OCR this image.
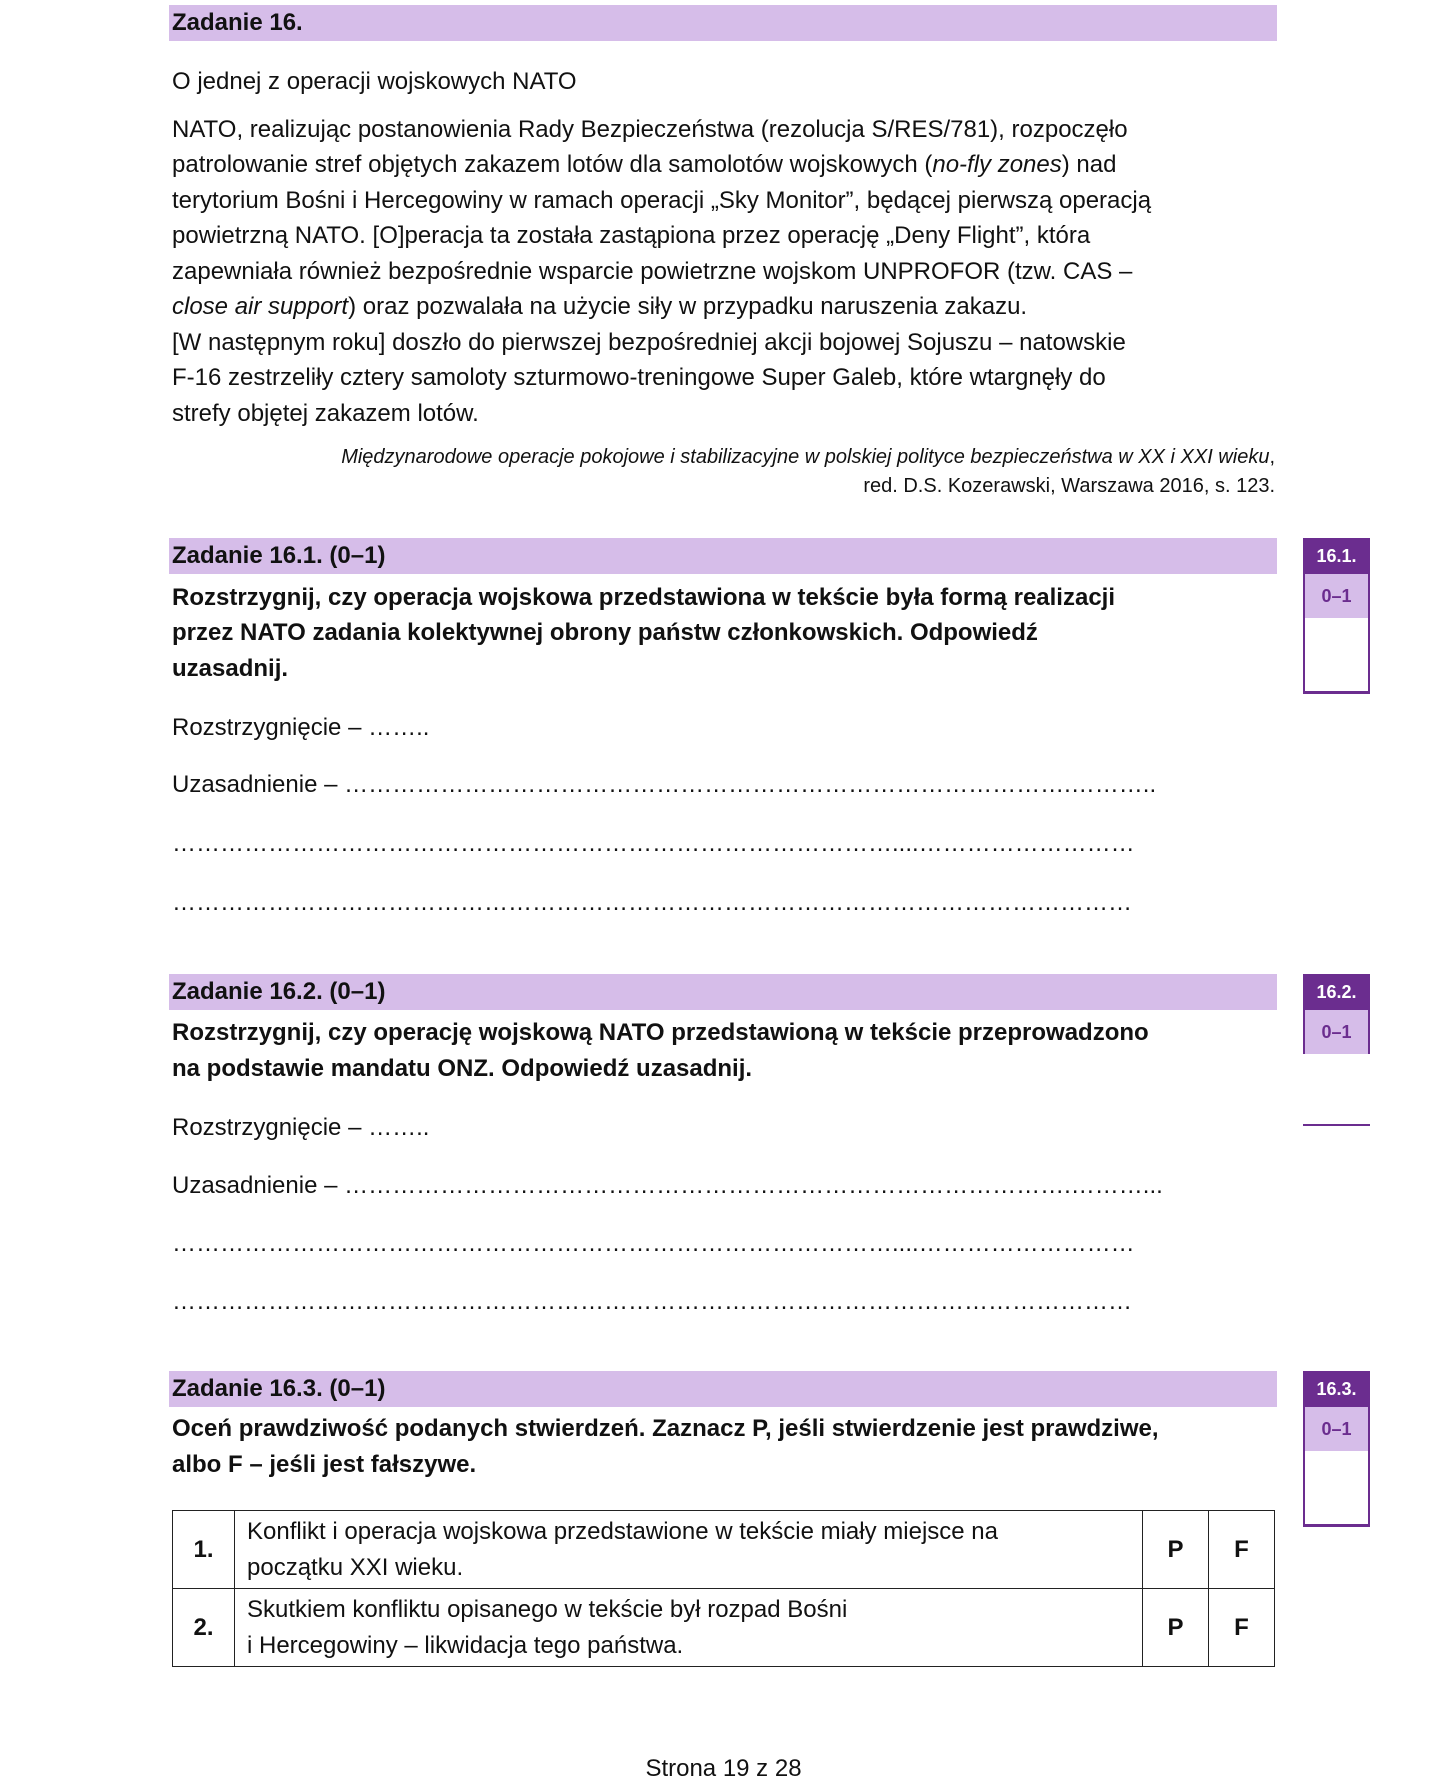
Zadanie 16.
O jednej z operacji wojskowych NATO
NATO, realizując postanowienia Rady Bezpieczeństwa (rezolucja S/RES/781), rozpoczęło
patrolowanie stref objętych zakazem lotów dla samolotów wojskowych (no-fly zones) nad
terytorium Bośni i Hercegowiny w ramach operacji „Sky Monitor”, będącej pierwszą operacją
powietrzną NATO. [O]peracja ta została zastąpiona przez operację „Deny Flight”, która
zapewniała również bezpośrednie wsparcie powietrzne wojskom UNPROFOR (tzw. CAS –
close air support) oraz pozwalała na użycie siły w przypadku naruszenia zakazu.
[W następnym roku] doszło do pierwszej bezpośredniej akcji bojowej Sojuszu – natowskie
F-16 zestrzeliły cztery samoloty szturmowo-treningowe Super Galeb, które wtargnęły do
strefy objętej zakazem lotów.
Międzynarodowe operacje pokojowe i stabilizacyjne w polskiej polityce bezpieczeństwa w XX i XXI wieku,
red. D.S. Kozerawski, Warszawa 2016, s. 123.
Zadanie 16.1. (0–1)
Rozstrzygnij, czy operacja wojskowa przedstawiona w tekście była formą realizacji
przez NATO zadania kolektywnej obrony państw członkowskich. Odpowiedź
uzasadnij.
Rozstrzygnięcie – ……..
Uzasadnienie – ……………………………………………………………………………….………..
………………………………………………………………………………....………………………
…………………………………………………………………………………………………………
16.1.
0–1
Zadanie 16.2. (0–1)
Rozstrzygnij, czy operację wojskową NATO przedstawioną w tekście przeprowadzono
na podstawie mandatu ONZ. Odpowiedź uzasadnij.
Rozstrzygnięcie – ……..
Uzasadnienie – ……………………………………………………………………………….………...
………………………………………………………………………………....………………………
…………………………………………………………………………………………………………
16.2.
0–1
Zadanie 16.3. (0–1)
Oceń prawdziwość podanych stwierdzeń. Zaznacz P, jeśli stwierdzenie jest prawdziwe,
albo F – jeśli jest fałszywe.
16.3.
0–1
1.	Konflikt i operacja wojskowa przedstawione w tekście miały miejsce na
początku XXI wieku.	P	F
2.	Skutkiem konfliktu opisanego w tekście był rozpad Bośni
i Hercegowiny – likwidacja tego państwa.	P	F
Strona 19 z 28
